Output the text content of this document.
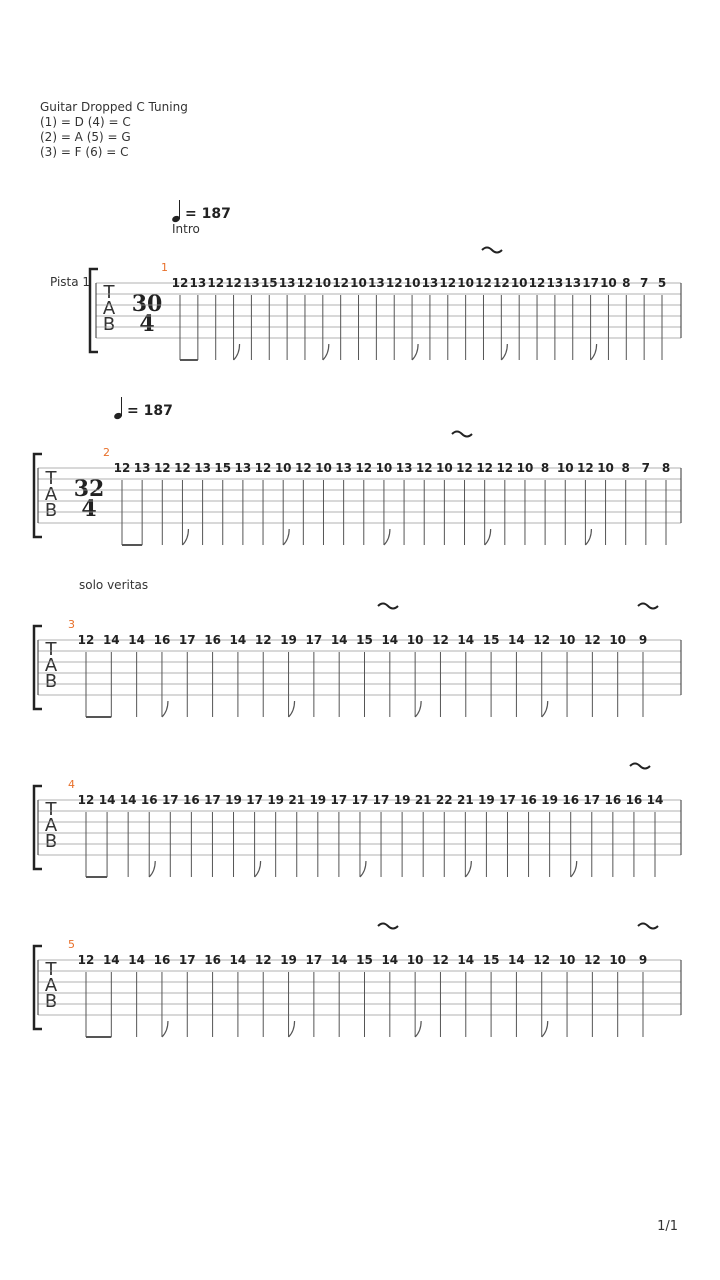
Guitar Dropped C Tuning
(1) = D (4) = C
(2) = A (5) = G
(3) = F (6) = C
= 187
Intro
= 187
solo veritas
Pista 1
1
2
3
4
5
T
A
B
T
A
B
T
A
B
T
A
B
T
A
B
30
4
32
4
12 13 12 12 13 15 13 12 10 12 10 13 12 10 13 12 10 12 12 10 12 13 13 17 10 8 7 5
12 13 12 12 13 15 13 12 10 12 10 13 12 10 13 12 10 12 12 12 10 8 10 12 10 8 7 8
12 14 14 16 17 16 14 12 19 17 14 15 14 10 12 14 15 14 12 10 12 10 9
12 14 14 16 17 16 17 19 17 19 21 19 17 17 17 19 21 22 21 19 17 16 19 16 17 16 16 14
12 14 14 16 17 16 14 12 19 17 14 15 14 10 12 14 15 14 12 10 12 10 9
1/1
